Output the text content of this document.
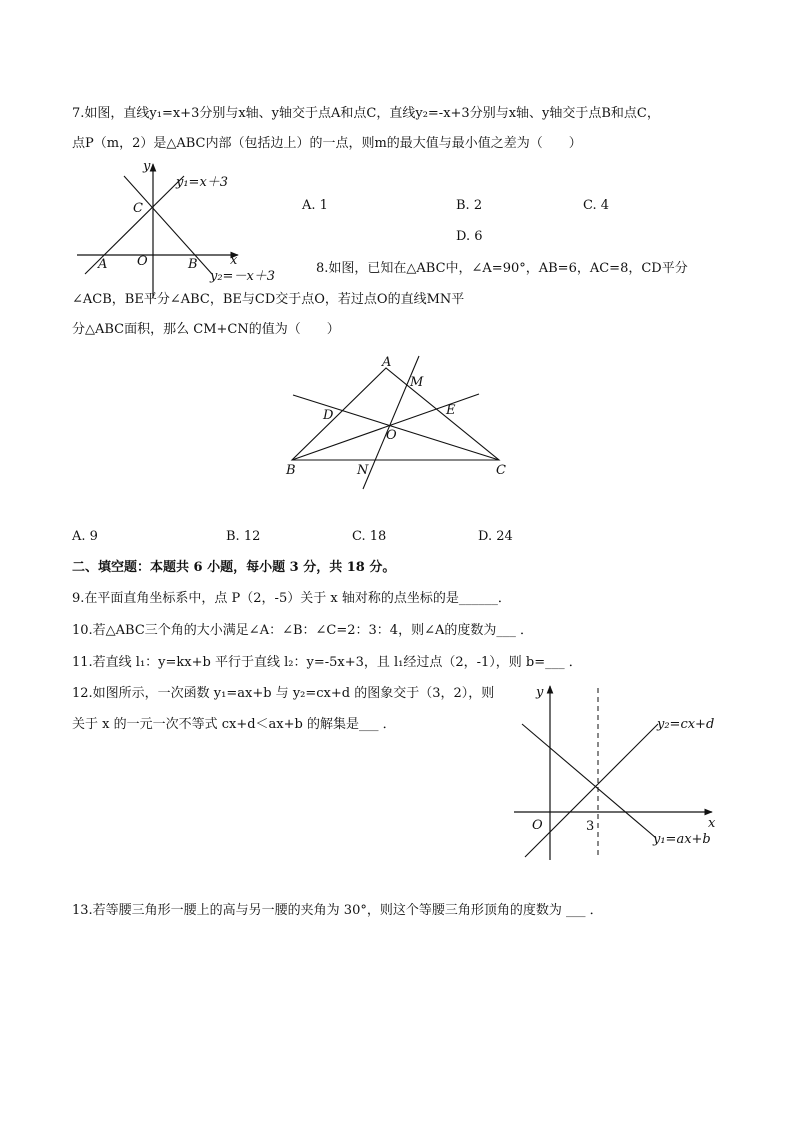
7.如图，直线y₁=x+3分别与x轴、y轴交于点A和点C，直线y₂=-x+3分别与x轴、y轴交于点B和点C，
点P（m，2）是△ABC内部（包括边上）的一点，则m的最大值与最小值之差为（　　）
y
x
y₁=x＋3
y₂=－x＋3
C
A O	B
A. 1	B. 2	C. 4
D. 6
8.如图，已知在△ABC中，∠A=90°，AB=6，AC=8，CD平分
∠ACB，BE平分∠ABC，BE与CD交于点O，若过点O的直线MN平
分△ABC面积，那么 CM+CN的值为（　　）
A
M
D	E
O
B	N	C
A. 9	B. 12	C. 18	D. 24
二、填空题：本题共 6 小题，每小题 3 分，共 18 分。
9.在平面直角坐标系中，点 P（2，-5）关于 x 轴对称的点坐标的是______．
10.若△ABC三个角的大小满足∠A：∠B：∠C=2：3：4，则∠A的度数为___ ．
11.若直线 l₁：y=kx+b 平行于直线 l₂：y=-5x+3，且 l₁经过点（2，-1），则 b=___ ．
12.如图所示，一次函数 y₁=ax+b 与 y₂=cx+d 的图象交于（3，2），则
关于 x 的一元一次不等式 cx+d＜ax+b 的解集是___ ．
y
x
O	3
y₂=cx+d
y₁=ax+b
13.若等腰三角形一腰上的高与另一腰的夹角为 30°，则这个等腰三角形顶角的度数为 ___ ．
